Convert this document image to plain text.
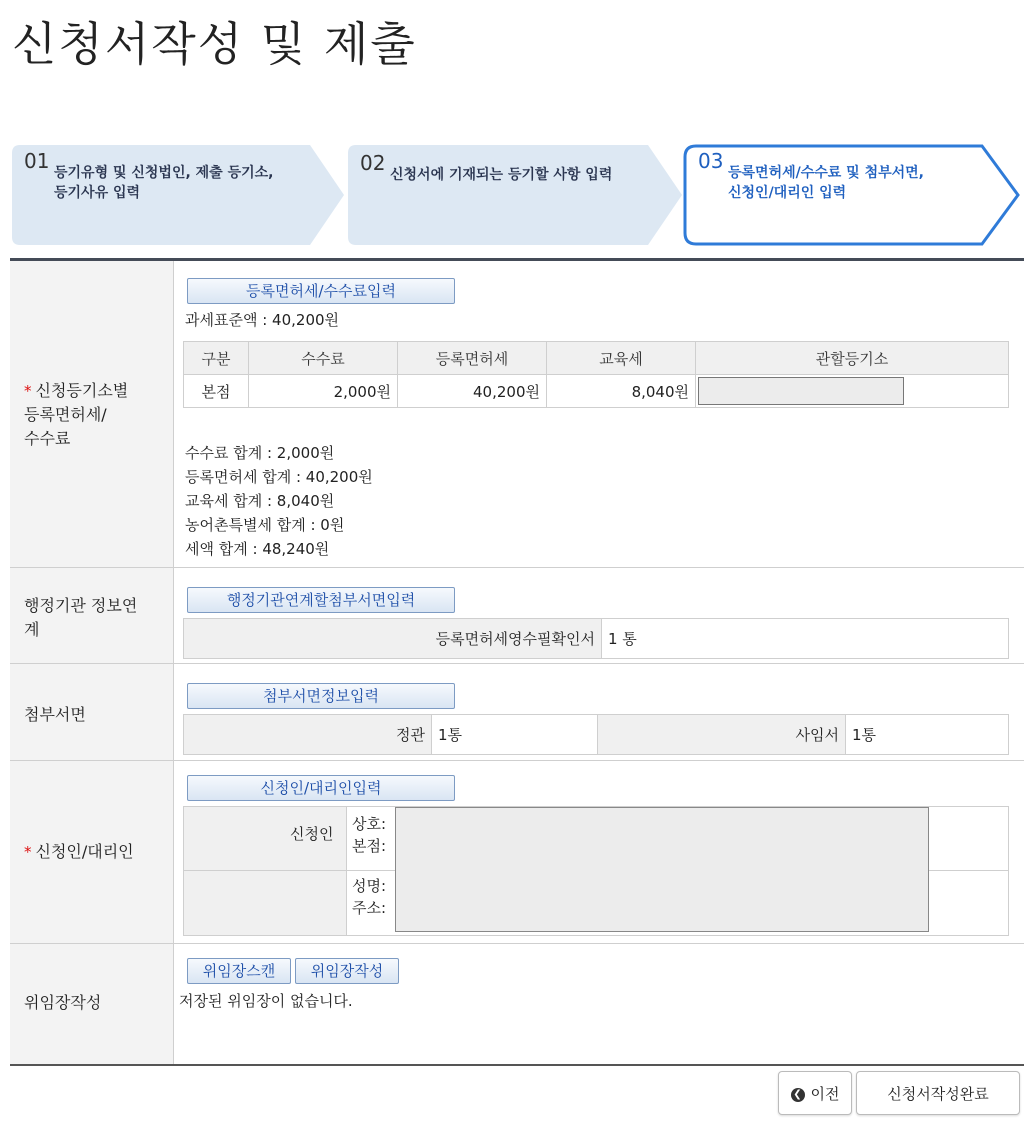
신청서작성 및 제출
01 등기유형 및 신청법인, 제출 등기소,
등기사유 입력
02 신청서에 기재되는 등기할 사항 입력
03 등록면허세/수수료 및 첨부서면,
신청인/대리인 입력
* 신청등기소별
등록면허세/
수수료
등록면허세/수수료입력
과세표준액 : 40,200원
구분	수수료	등록면허세	교육세	관할등기소
본점	2,000원	40,200원	8,040원	
수수료 합계 : 2,000원
등록면허세 합계 : 40,200원
교육세 합계 : 8,040원
농어촌특별세 합계 : 0원
세액 합계 : 48,240원
행정기관 정보연
계
행정기관연계할첨부서면입력
등록면허세영수필확인서	1 통
첨부서면
첨부서면정보입력
정관	1통	사임서	1통
* 신청인/대리인
신청인/대리인입력
신청인
상호:
본점:
성명:
주소:
위임장작성
위임장스캔	위임장작성
저장된 위임장이 없습니다.
❮ 이전	신청서작성완료
